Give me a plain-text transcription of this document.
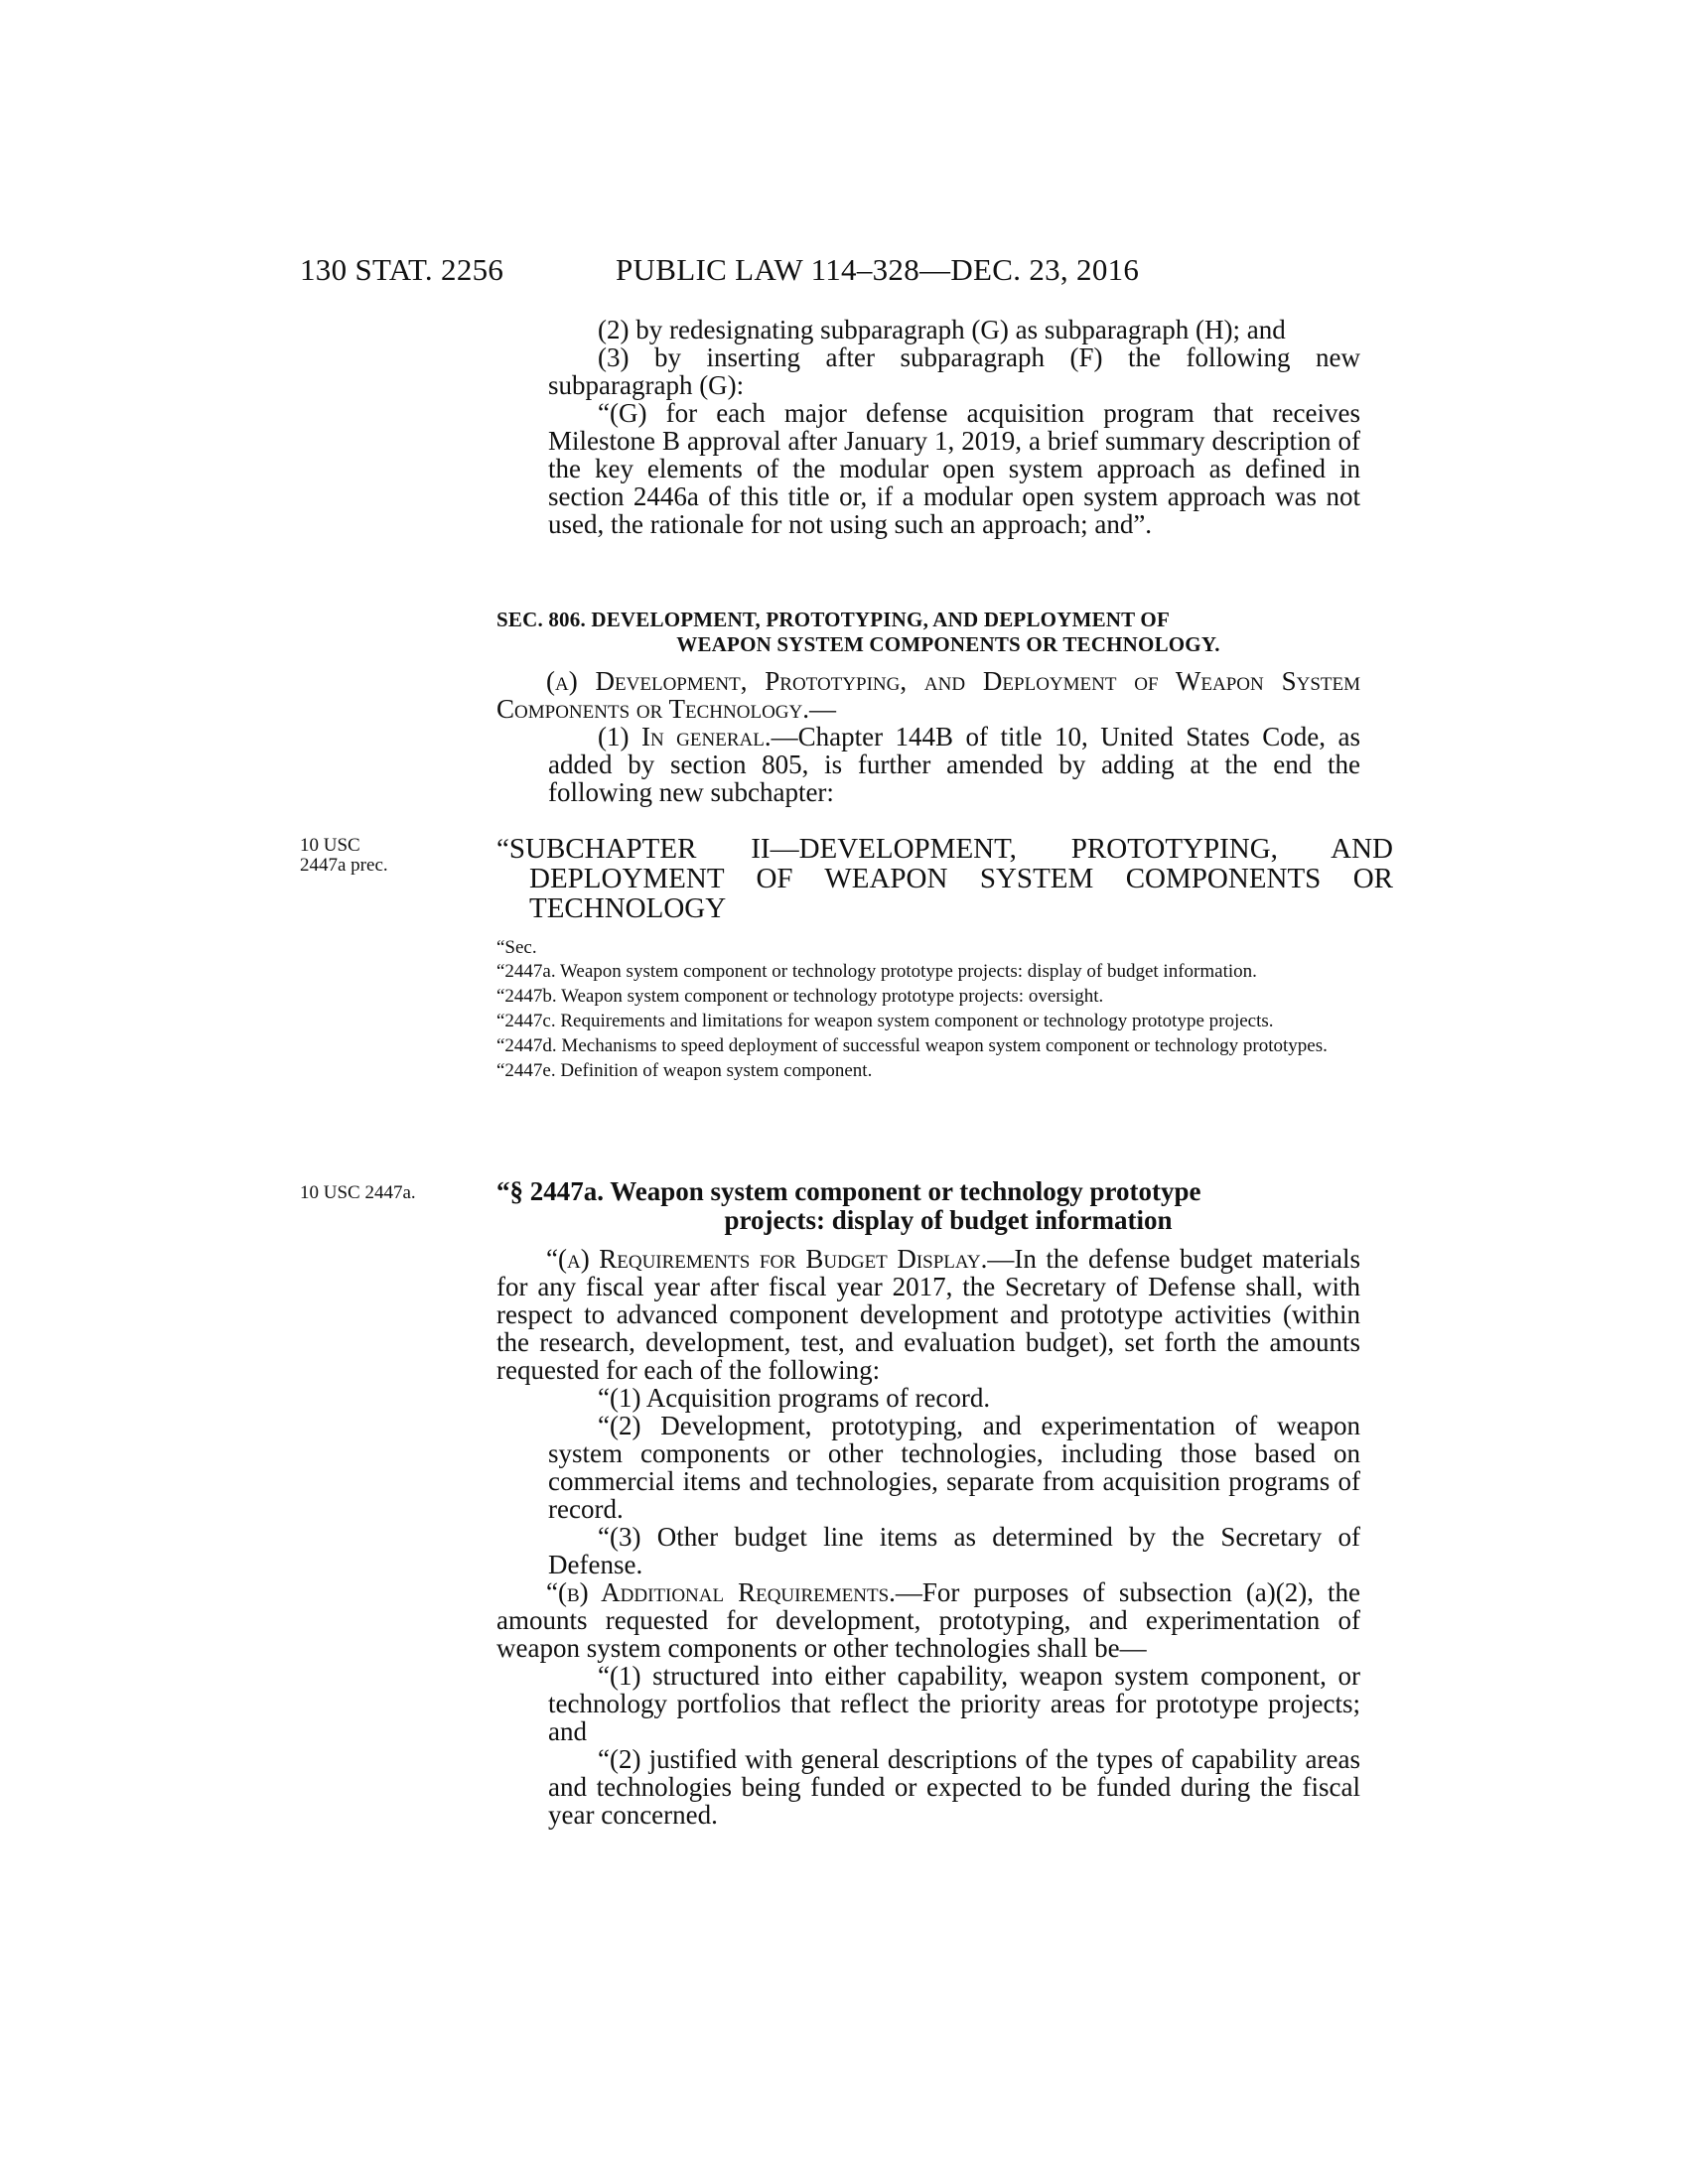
130 STAT. 2256	PUBLIC LAW 114–328—DEC. 23, 2016

(2) by redesignating subparagraph (G) as subparagraph (H); and

(3) by inserting after subparagraph (F) the following new subparagraph (G):

“(G) for each major defense acquisition program that receives Milestone B approval after January 1, 2019, a brief summary description of the key elements of the modular open system approach as defined in section 2446a of this title or, if a modular open system approach was not used, the rationale for not using such an approach; and”.

SEC. 806. DEVELOPMENT, PROTOTYPING, AND DEPLOYMENT OF
WEAPON SYSTEM COMPONENTS OR TECHNOLOGY.

(a) Development, Prototyping, and Deployment of Weapon System Components or Technology.—

(1) In general.—Chapter 144B of title 10, United States Code, as added by section 805, is further amended by adding at the end the following new subchapter:

10 USC 2447a prec.
“SUBCHAPTER II—DEVELOPMENT, PROTOTYPING, AND DEPLOYMENT OF WEAPON SYSTEM COMPONENTS OR TECHNOLOGY
“Sec.
“2447a. Weapon system component or technology prototype projects: display of budget information.
“2447b. Weapon system component or technology prototype projects: oversight.
“2447c. Requirements and limitations for weapon system component or technology prototype projects.
“2447d. Mechanisms to speed deployment of successful weapon system component or technology prototypes.
“2447e. Definition of weapon system component.
10 USC 2447a.	“§ 2447a. Weapon system component or technology prototype
projects: display of budget information

“(a) Requirements for Budget Display.—In the defense budget materials for any fiscal year after fiscal year 2017, the Secretary of Defense shall, with respect to advanced component development and prototype activities (within the research, development, test, and evaluation budget), set forth the amounts requested for each of the following:

“(1) Acquisition programs of record.

“(2) Development, prototyping, and experimentation of weapon system components or other technologies, including those based on commercial items and technologies, separate from acquisition programs of record.

“(3) Other budget line items as determined by the Secretary of Defense.

“(b) Additional Requirements.—For purposes of subsection (a)(2), the amounts requested for development, prototyping, and experimentation of weapon system components or other technologies shall be—

“(1) structured into either capability, weapon system component, or technology portfolios that reflect the priority areas for prototype projects; and

“(2) justified with general descriptions of the types of capability areas and technologies being funded or expected to be funded during the fiscal year concerned.
